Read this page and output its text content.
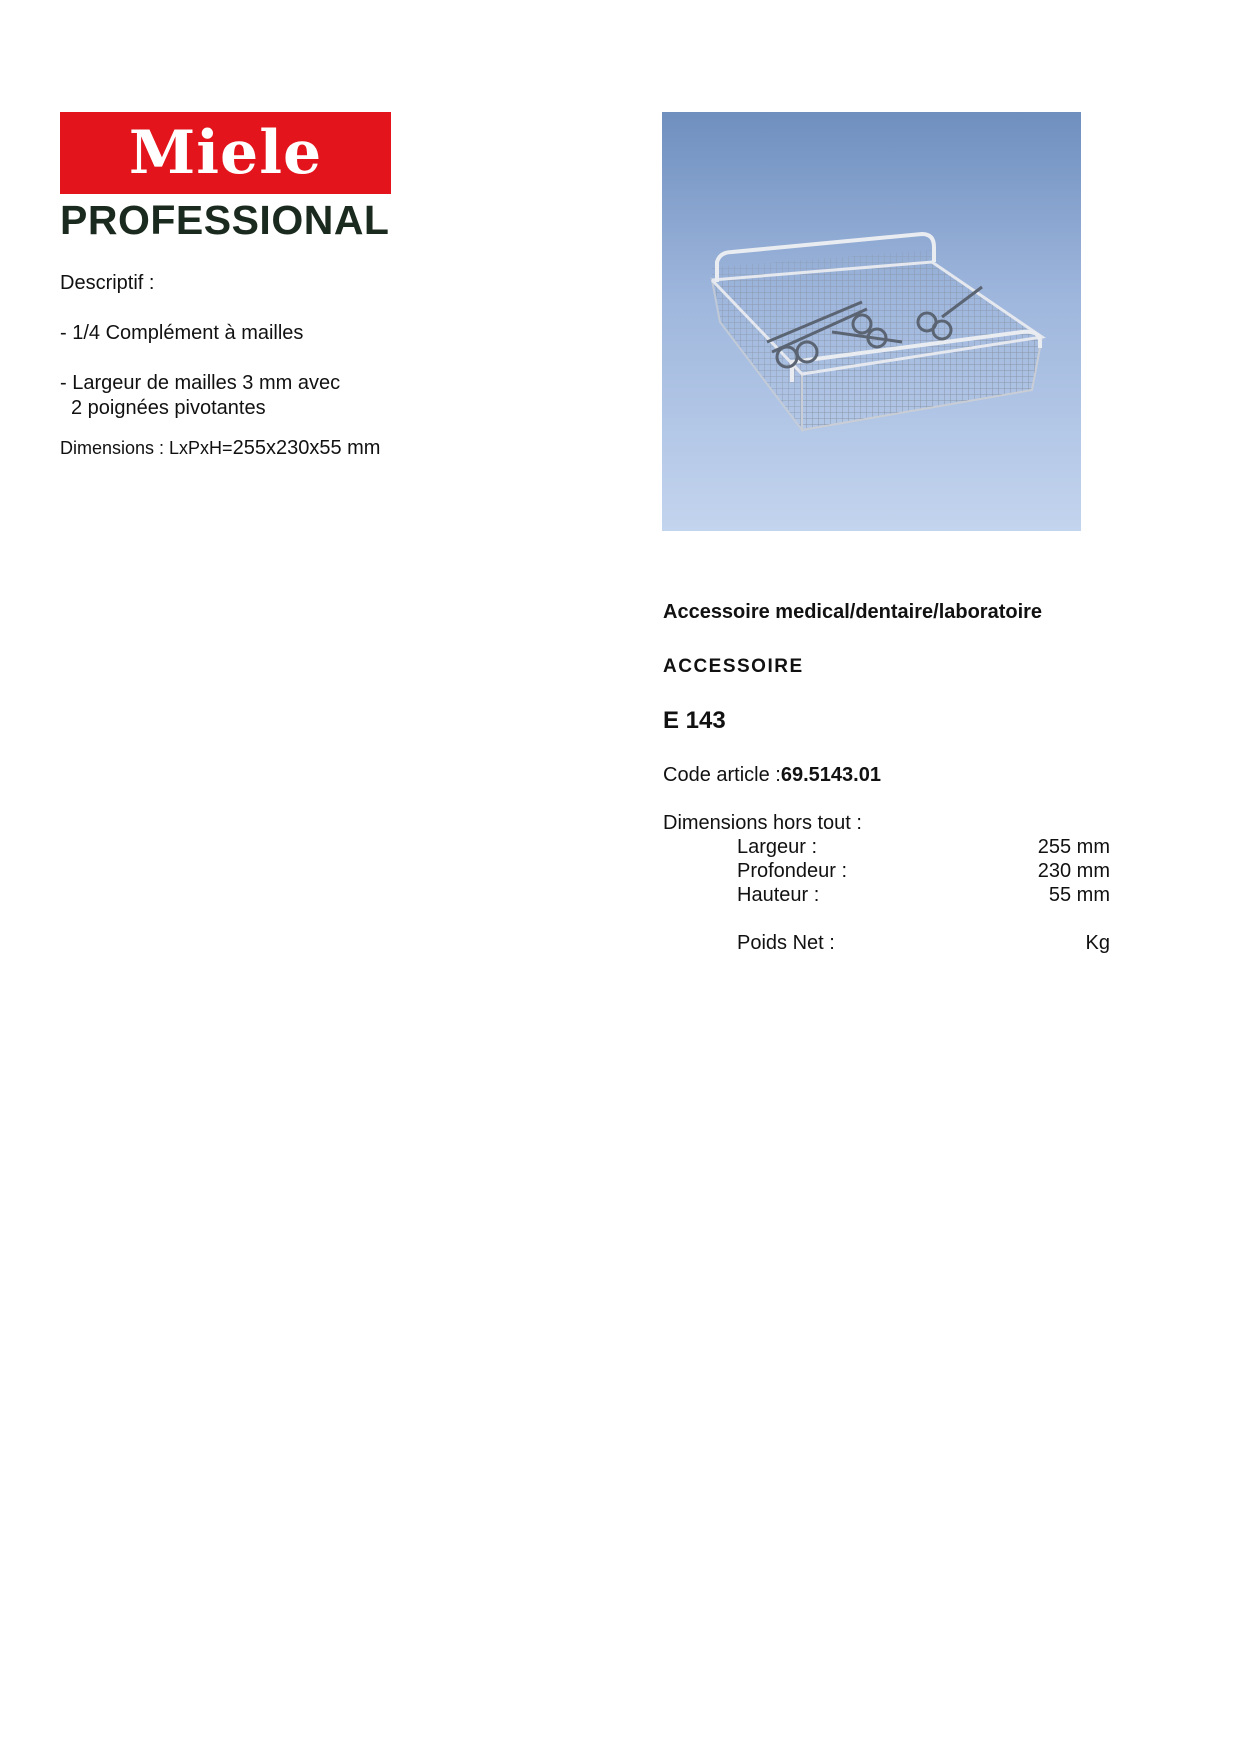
Miele
PROFESSIONAL

Descriptif :

- 1/4 Complément à mailles

- Largeur de mailles 3 mm avec

2 poignées pivotantes

Dimensions : LxPxH=255x230x55 mm

Accessoire medical/dentaire/laboratoire
ACCESSOIRE
E 143
Code article :69.5143.01
Dimensions hors tout :
Largeur :	255 mm
Profondeur :	230 mm
Hauteur :	55 mm
Poids Net :	Kg
